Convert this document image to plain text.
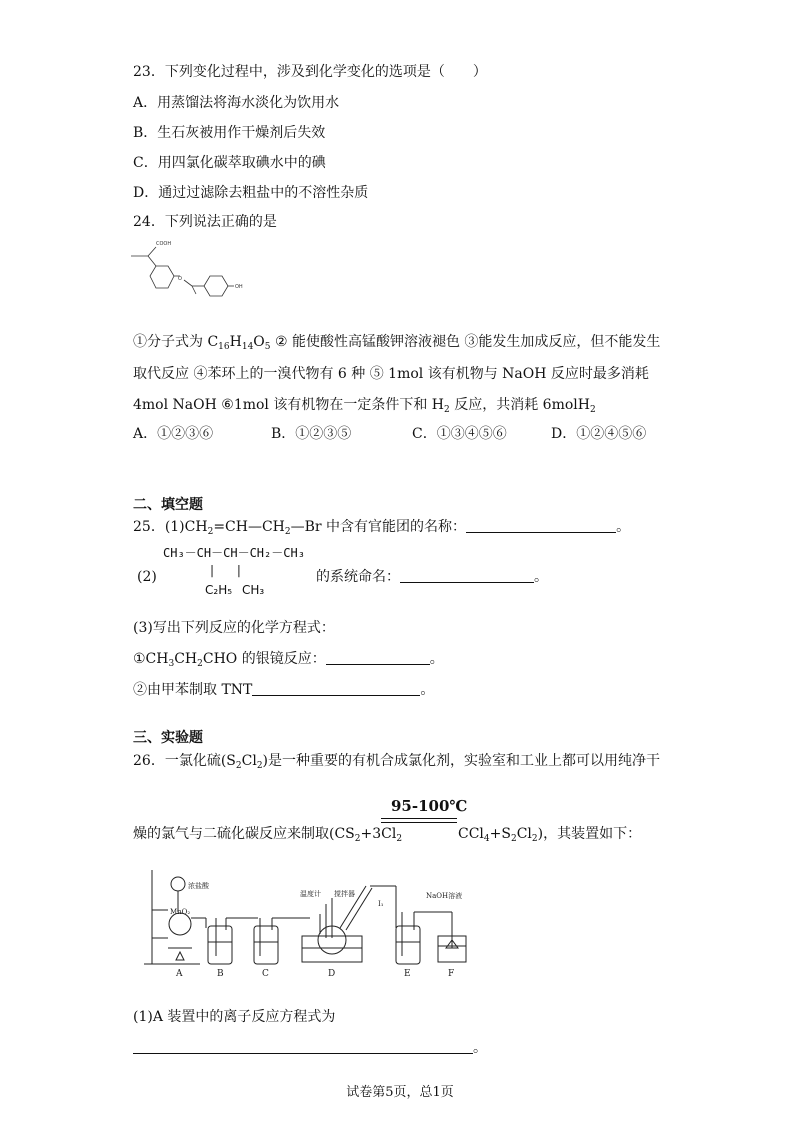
23．下列变化过程中，涉及到化学变化的选项是（　　）
A．用蒸馏法将海水淡化为饮用水
B．生石灰被用作干燥剂后失效
C．用四氯化碳萃取碘水中的碘
D．通过过滤除去粗盐中的不溶性杂质
24．下列说法正确的是
COOH
OH
O
①分子式为 $C_{16}H_{14}O_5$ ② 能使酸性高锰酸钾溶液褪色 ③能发生加成反应，但不能发生
取代反应 ④苯环上的一溴代物有 6 种 ⑤ 1mol 该有机物与 NaOH 反应时最多消耗
4mol NaOH ⑥1mol 该有机物在一定条件下和 $H_2$ 反应，共消耗 6molH$_2$
A．①②③⑥	B．①②③⑤	C．①③④⑤⑥	D．①②④⑤⑥
二、填空题
25．$(1)CH_2=CH—CH_2—Br$ 中含有官能团的名称：	。
CH₃－CH－CH－CH₂－CH₃
|      |
(2)
C₂H₅ CH₃
的系统命名：	。
(3)写出下列反应的化学方程式：
$①CH_3CH_2CHO$ 的银镜反应：	。
②由甲苯制取 TNT	。
三、实验题
26．一氯化硫$(S_2Cl_2)$是一种重要的有机合成氯化剂，实验室和工业上都可以用纯净干
95-100℃
燥的氯气与二硫化碳反应来制取($CS_2+3Cl_2$	$CCl_4+S_2Cl_2$)，其装置如下：
浓盐酸
MnO₂
温度计 搅拌器
I₁
NaOH溶液
A	B	C	D	E	F
(1)A 装置中的离子反应方程式为
。
试卷第5页，总1页
